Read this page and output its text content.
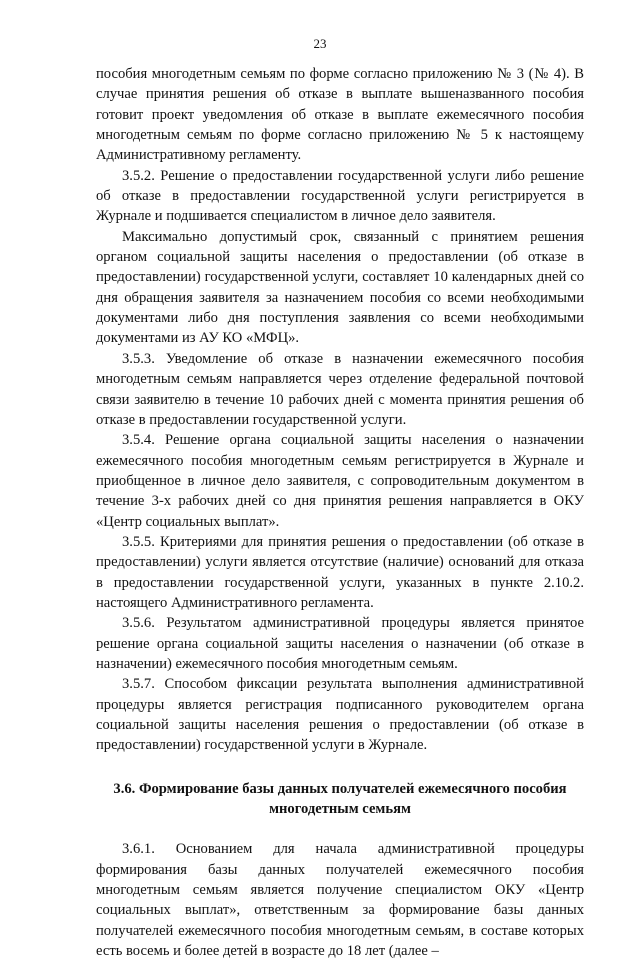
23

пособия многодетным семьям по форме согласно приложению № 3 (№ 4). В случае принятия решения об отказе в выплате вышеназванного пособия готовит проект уведомления об отказе в выплате ежемесячного пособия многодетным семьям по форме согласно приложению № 5 к настоящему Административному регламенту.

3.5.2. Решение о предоставлении государственной услуги либо решение об отказе в предоставлении государственной услуги регистрируется в Журнале и подшивается специалистом в личное дело заявителя.

Максимально допустимый срок, связанный с принятием решения органом социальной защиты населения о предоставлении (об отказе в предоставлении) государственной услуги, составляет 10 календарных дней со дня обращения заявителя за назначением пособия со всеми необходимыми документами либо дня поступления заявления со всеми необходимыми документами из АУ КО «МФЦ».

3.5.3. Уведомление об отказе в назначении ежемесячного пособия многодетным семьям направляется через отделение федеральной почтовой связи заявителю в течение 10 рабочих дней с момента принятия решения об отказе в предоставлении государственной услуги.

3.5.4. Решение органа социальной защиты населения о назначении ежемесячного пособия многодетным семьям регистрируется в Журнале и приобщенное в личное дело заявителя, с сопроводительным документом в течение 3-х рабочих дней со дня принятия решения направляется в ОКУ «Центр социальных выплат».

3.5.5. Критериями для принятия решения о предоставлении (об отказе в предоставлении) услуги является отсутствие (наличие) оснований для отказа в предоставлении государственной услуги, указанных в пункте 2.10.2. настоящего Административного регламента.

3.5.6. Результатом административной процедуры является принятое решение органа социальной защиты населения о назначении (об отказе в назначении) ежемесячного пособия многодетным семьям.

3.5.7. Способом фиксации результата выполнения административной процедуры является регистрация подписанного руководителем органа социальной защиты населения решения о предоставлении (об отказе в предоставлении) государственной услуги в Журнале.

3.6. Формирование базы данных получателей ежемесячного пособия
многодетным семьям

3.6.1. Основанием для начала административной процедуры формирования базы данных получателей ежемесячного пособия многодетным семьям является получение специалистом ОКУ «Центр социальных выплат», ответственным за формирование базы данных получателей ежемесячного пособия многодетным семьям, в составе которых есть восемь и более детей в возрасте до 18 лет (далее –
